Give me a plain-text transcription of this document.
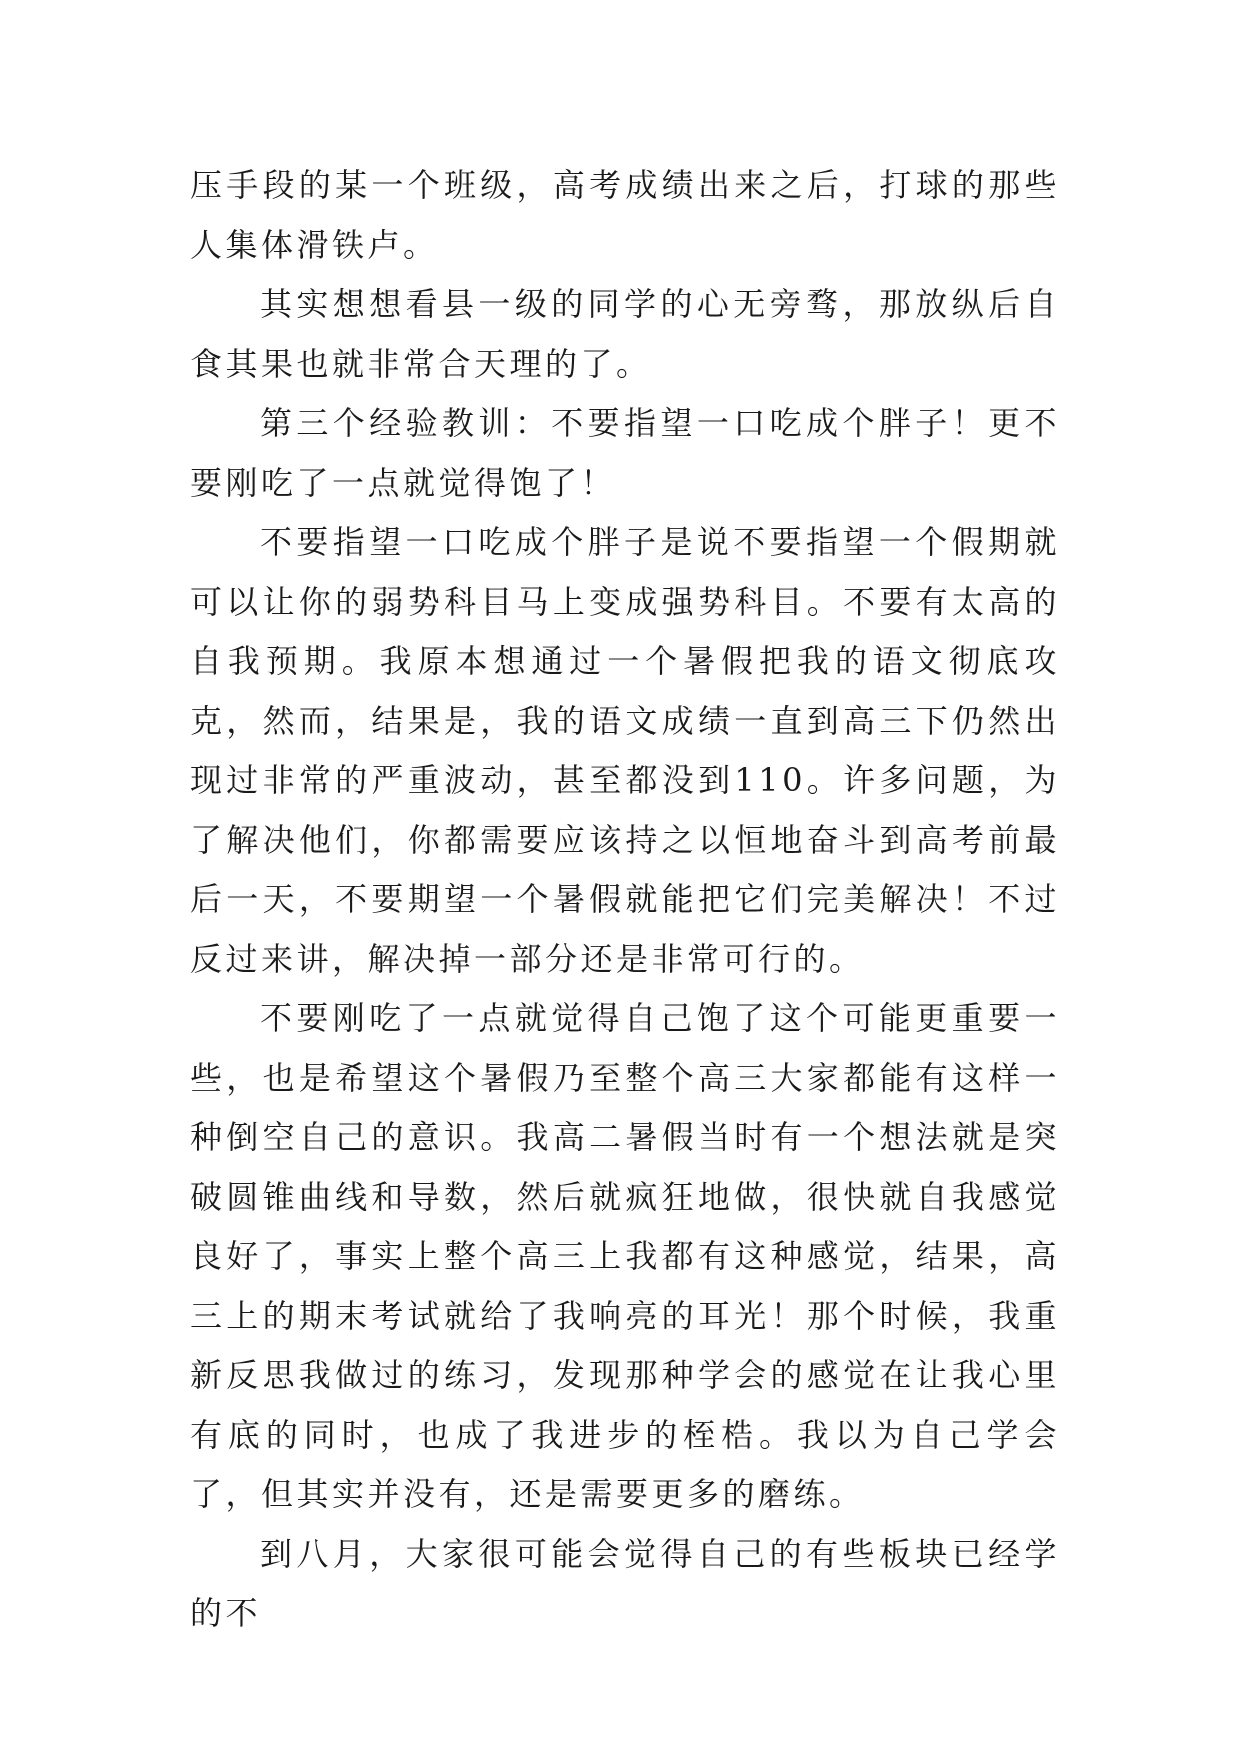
压手段的某一个班级，高考成绩出来之后，打球的那些人集体滑铁卢。

其实想想看县一级的同学的心无旁骛，那放纵后自食其果也就非常合天理的了。

第三个经验教训：不要指望一口吃成个胖子！更不要刚吃了一点就觉得饱了！

不要指望一口吃成个胖子是说不要指望一个假期就可以让你的弱势科目马上变成强势科目。不要有太高的自我预期。我原本想通过一个暑假把我的语文彻底攻克，然而，结果是，我的语文成绩一直到高三下仍然出现过非常的严重波动，甚至都没到110。许多问题，为了解决他们，你都需要应该持之以恒地奋斗到高考前最后一天，不要期望一个暑假就能把它们完美解决！不过反过来讲，解决掉一部分还是非常可行的。

不要刚吃了一点就觉得自己饱了这个可能更重要一些，也是希望这个暑假乃至整个高三大家都能有这样一种倒空自己的意识。我高二暑假当时有一个想法就是突破圆锥曲线和导数，然后就疯狂地做，很快就自我感觉良好了，事实上整个高三上我都有这种感觉，结果，高三上的期末考试就给了我响亮的耳光！那个时候，我重新反思我做过的练习，发现那种学会的感觉在让我心里有底的同时，也成了我进步的桎梏。我以为自己学会了，但其实并没有，还是需要更多的磨练。

到八月，大家很可能会觉得自己的有些板块已经学的不
